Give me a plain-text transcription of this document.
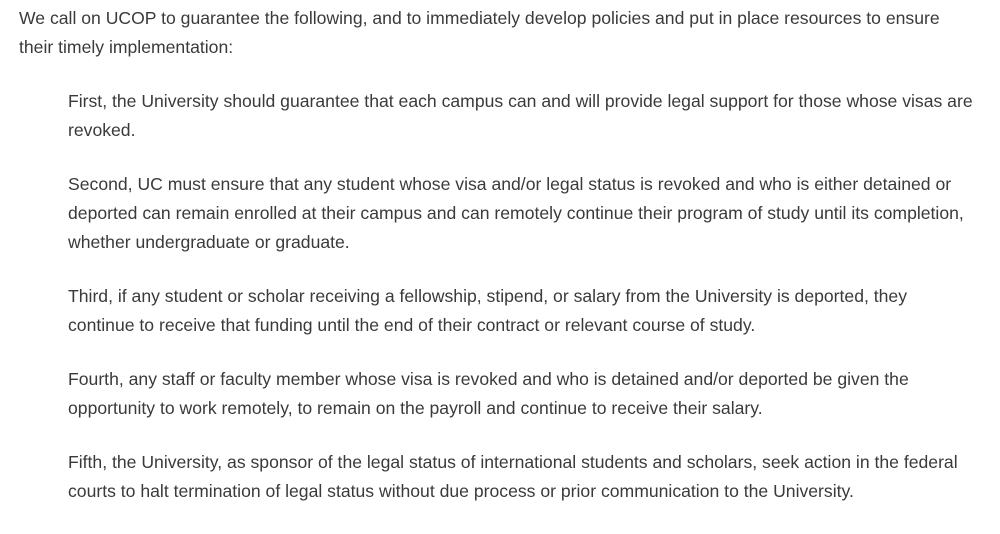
We call on UCOP to guarantee the following, and to immediately develop policies and put in place resources to ensure their timely implementation:

First, the University should guarantee that each campus can and will provide legal support for those whose visas are revoked.

Second, UC must ensure that any student whose visa and/or legal status is revoked and who is either detained or deported can remain enrolled at their campus and can remotely continue their program of study until its completion, whether undergraduate or graduate.

Third, if any student or scholar receiving a fellowship, stipend, or salary from the University is deported, they continue to receive that funding until the end of their contract or relevant course of study.

Fourth, any staff or faculty member whose visa is revoked and who is detained and/or deported be given the opportunity to work remotely, to remain on the payroll and continue to receive their salary.

Fifth, the University, as sponsor of the legal status of international students and scholars, seek action in the federal courts to halt termination of legal status without due process or prior communication to the University.
